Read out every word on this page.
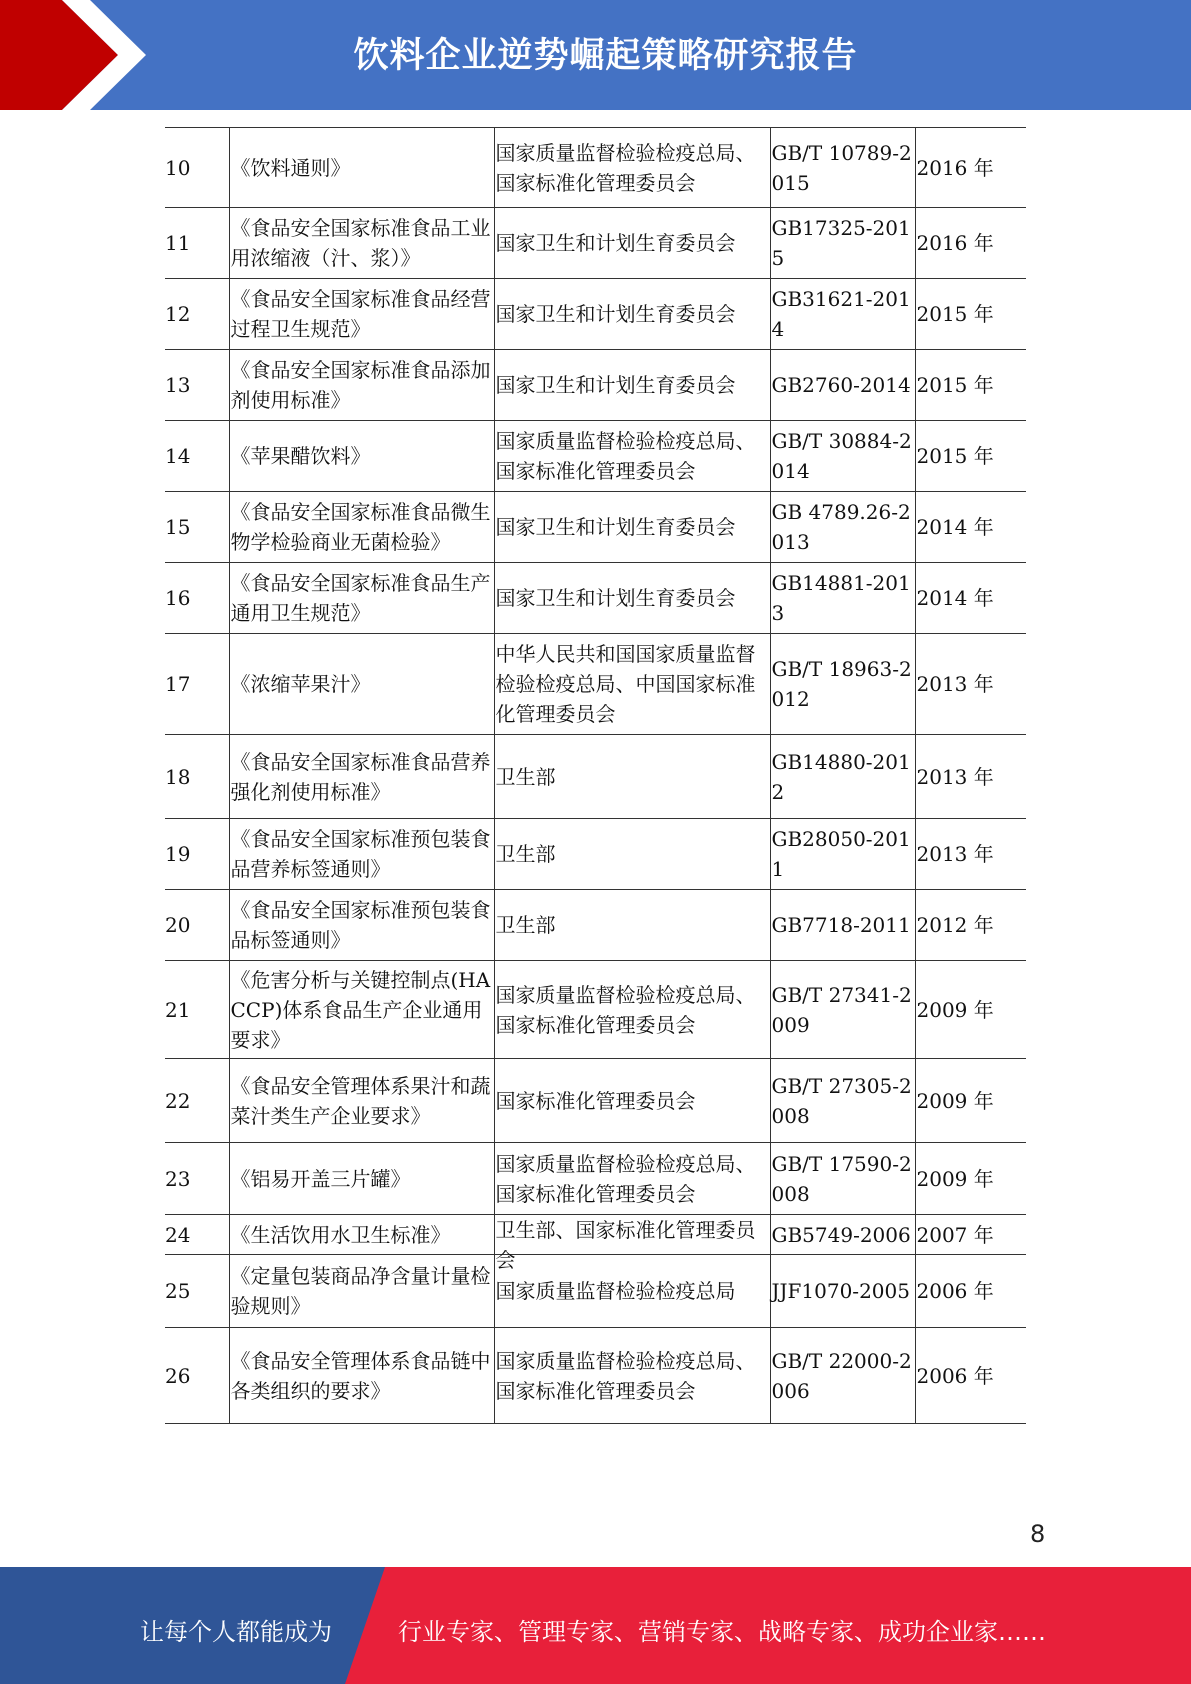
饮料企业逆势崛起策略研究报告
10	《饮料通则》	国家质量监督检验检疫总局、国家标准化管理委员会	GB/T 10789-2015	2016 年
11	《食品安全国家标准食品工业用浓缩液（汁、浆）》	国家卫生和计划生育委员会	GB17325-2015	2016 年
12	《食品安全国家标准食品经营过程卫生规范》	国家卫生和计划生育委员会	GB31621-2014	2015 年
13	《食品安全国家标准食品添加剂使用标准》	国家卫生和计划生育委员会	GB2760-2014	2015 年
14	《苹果醋饮料》	国家质量监督检验检疫总局、国家标准化管理委员会	GB/T 30884-2014	2015 年
15	《食品安全国家标准食品微生物学检验商业无菌检验》	国家卫生和计划生育委员会	GB 4789.26-2013	2014 年
16	《食品安全国家标准食品生产通用卫生规范》	国家卫生和计划生育委员会	GB14881-2013	2014 年
17	《浓缩苹果汁》	中华人民共和国国家质量监督检验检疫总局、中国国家标准化管理委员会	GB/T 18963-2012	2013 年
18	《食品安全国家标准食品营养强化剂使用标准》	卫生部	GB14880-2012	2013 年
19	《食品安全国家标准预包装食品营养标签通则》	卫生部	GB28050-2011	2013 年
20	《食品安全国家标准预包装食品标签通则》	卫生部	GB7718-2011	2012 年
21	《危害分析与关键控制点(HACCP)体系食品生产企业通用要求》	国家质量监督检验检疫总局、国家标准化管理委员会	GB/T 27341-2009	2009 年
22	《食品安全管理体系果汁和蔬菜汁类生产企业要求》	国家标准化管理委员会	GB/T 27305-2008	2009 年
23	《铝易开盖三片罐》	国家质量监督检验检疫总局、国家标准化管理委员会	GB/T 17590-2008	2009 年
24	《生活饮用水卫生标准》	卫生部、国家标准化管理委员会	GB5749-2006	2007 年
25	《定量包装商品净含量计量检验规则》	国家质量监督检验检疫总局	JJF1070-2005	2006 年
26	《食品安全管理体系食品链中各类组织的要求》	国家质量监督检验检疫总局、国家标准化管理委员会	GB/T 22000-2006	2006 年
8
让每个人都能成为	行业专家、管理专家、营销专家、战略专家、成功企业家……
